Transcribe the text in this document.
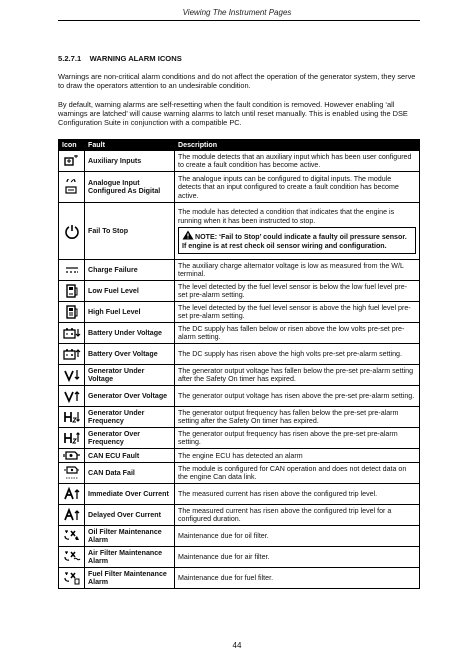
Viewing The Instrument Pages
5.2.7.1    WARNING ALARM ICONS
Warnings are non-critical alarm conditions and do not affect the operation of the generator system, they serve to draw the operators attention to an undesirable condition.
By default, warning alarms are self-resetting when the fault condition is removed. However enabling ‘all warnings are latched’ will cause warning alarms to latch until reset manually. This is enabled using the DSE Configuration Suite in conjunction with a compatible PC.
Icon	Fault	Description

	Auxiliary Inputs	The module detects that an auxiliary input which has been user configured to create a fault condition has become active.

	Analogue Input Configured As Digital	The analogue inputs can be configured to digital inputs. The module detects that an input configured to create a fault condition has become active.

	Fail To Stop	The module has detected a condition that indicates that the engine is running when it has been instructed to stop.
NOTE: ‘Fail to Stop’ could indicate a faulty oil pressure sensor. If engine is at rest check oil sensor wiring and configuration.

	Charge Failure	The auxiliary charge alternator voltage is low as measured from the W/L terminal.

	Low Fuel Level	The level detected by the fuel level sensor is below the low fuel level pre-set pre-alarm setting.

	High Fuel Level	The level detected by the fuel level sensor is above the high fuel level pre-set pre-alarm setting.

	Battery Under Voltage	The DC supply has fallen below or risen above the low volts pre-set pre-alarm setting.

	Battery Over Voltage	The DC supply has risen above the high volts pre-set pre-alarm setting.

	Generator Under Voltage	The generator output voltage has fallen below the pre-set pre-alarm setting after the Safety On timer has expired.

	Generator Over Voltage	The generator output voltage has risen above the pre-set pre-alarm setting.

	Generator Under Frequency	The generator output frequency has fallen below the pre-set pre-alarm setting after the Safety On timer has expired.

	Generator Over Frequency	The generator output frequency has risen above the pre-set pre-alarm setting.

	CAN ECU Fault	The engine ECU has detected an alarm

	CAN Data Fail	The module is configured for CAN operation and does not detect data on the engine Can data link.

	Immediate Over Current	The measured current has risen above the configured trip level.

	Delayed Over Current	The measured current has risen above the configured trip level for a configured duration.

	Oil Filter Maintenance Alarm	Maintenance due for oil filter.

	Air Filter Maintenance Alarm	Maintenance due for air filter.

	Fuel Filter Maintenance Alarm	Maintenance due for fuel filter.
44
